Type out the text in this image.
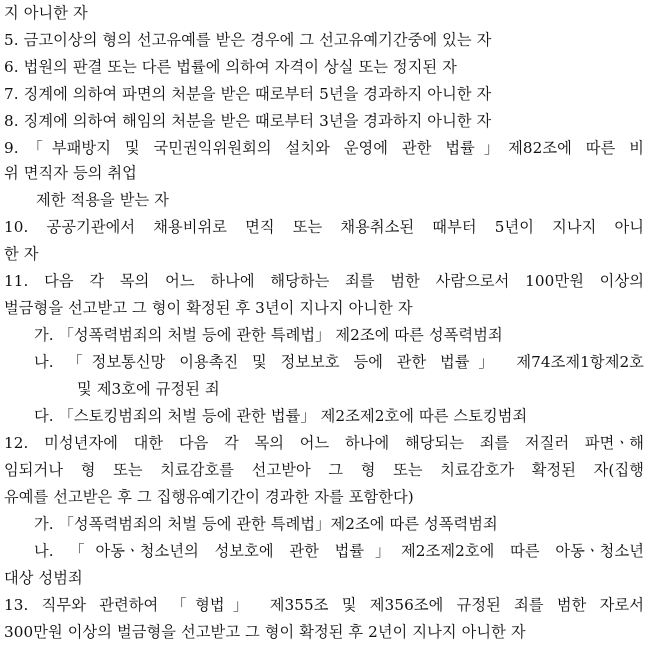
지 아니한 자
5. 금고이상의 형의 선고유예를 받은 경우에 그 선고유예기간중에 있는 자
6. 법원의 판결 또는 다른 법률에 의하여 자격이 상실 또는 정지된 자
7. 징계에 의하여 파면의 처분을 받은 때로부터 5년을 경과하지 아니한 자
8. 징계에 의하여 해임의 처분을 받은 때로부터 3년을 경과하지 아니한 자
9.「부패방지 및 국민권익위원회의 설치와 운영에 관한 법률」제82조에 따른 비
위 면직자 등의 취업
제한 적용을 받는 자
10. 공공기관에서 채용비위로 면직 또는 채용취소된 때부터 5년이 지나지 아니
한 자
11. 다음 각 목의 어느 하나에 해당하는 죄를 범한 사람으로서 100만원 이상의
벌금형을 선고받고 그 형이 확정된 후 3년이 지나지 아니한 자
가. 「성폭력범죄의 처벌 등에 관한 특례법」 제2조에 따른 성폭력범죄
나. 「정보통신망 이용촉진 및 정보보호 등에 관한 법률」 제74조제1항제2호
및 제3호에 규정된 죄
다. 「스토킹범죄의 처벌 등에 관한 법률」 제2조제2호에 따른 스토킹범죄
12. 미성년자에 대한 다음 각 목의 어느 하나에 해당되는 죄를 저질러 파면ㆍ해
임되거나 형 또는 치료감호를 선고받아 그 형 또는 치료감호가 확정된 자(집행
유예를 선고받은 후 그 집행유예기간이 경과한 자를 포함한다)
가. 「성폭력범죄의 처벌 등에 관한 특례법」제2조에 따른 성폭력범죄
나. 「아동ㆍ청소년의 성보호에 관한 법률」제2조제2호에 따른 아동ㆍ청소년
대상 성범죄
13. 직무와 관련하여 「형법」 제355조 및 제356조에 규정된 죄를 범한 자로서
300만원 이상의 벌금형을 선고받고 그 형이 확정된 후 2년이 지나지 아니한 자
